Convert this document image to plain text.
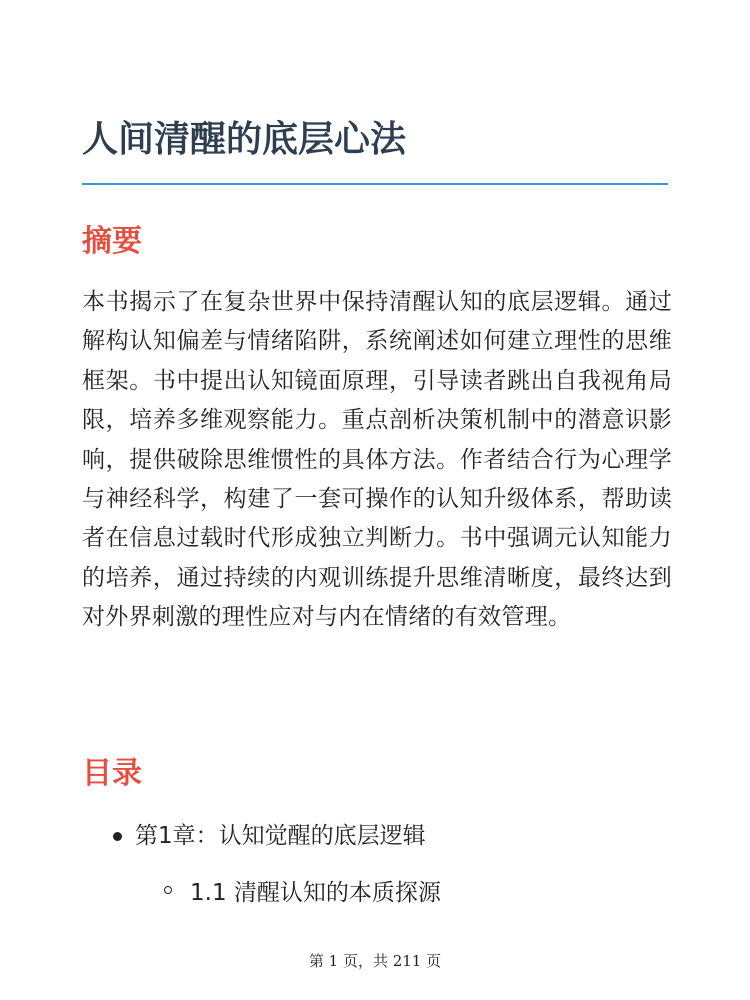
人间清醒的底层心法
摘要

本书揭示了在复杂世界中保持清醒认知的底层逻辑。通过解构认知偏差与情绪陷阱，系统阐述如何建立理性的思维框架。书中提出认知镜面原理，引导读者跳出自我视角局限，培养多维观察能力。重点剖析决策机制中的潜意识影响，提供破除思维惯性的具体方法。作者结合行为心理学与神经科学，构建了一套可操作的认知升级体系，帮助读者在信息过载时代形成独立判断力。书中强调元认知能力的培养，通过持续的内观训练提升思维清晰度，最终达到对外界刺激的理性应对与内在情绪的有效管理。

目录
第1章：认知觉醒的底层逻辑
1.1 清醒认知的本质探源
第 1 页，共 211 页
